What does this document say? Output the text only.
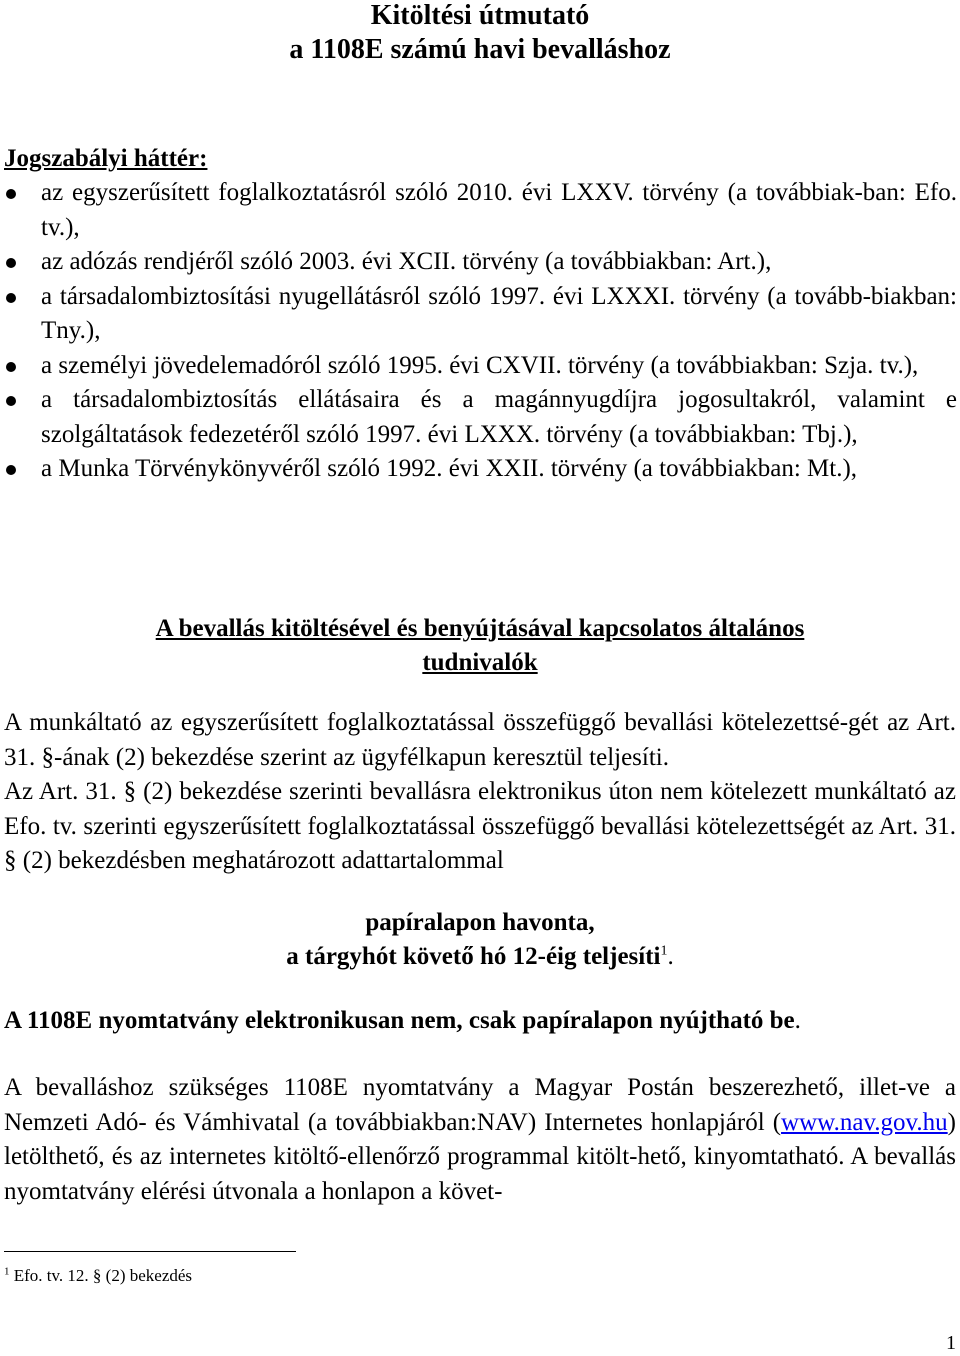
Kitöltési útmutató
a 1108E számú havi bevalláshoz
Jogszabályi háttér:
az egyszerűsített foglalkoztatásról szóló 2010. évi LXXV. törvény (a továbbiak-ban: Efo. tv.),
az adózás rendjéről szóló 2003. évi XCII. törvény (a továbbiakban: Art.),
a társadalombiztosítási nyugellátásról szóló 1997. évi LXXXI. törvény (a tovább-biakban: Tny.),
a személyi jövedelemadóról szóló 1995. évi CXVII. törvény (a továbbiakban: Szja. tv.),
a társadalombiztosítás ellátásaira és a magánnyugdíjra jogosultakról, valamint e szolgáltatások fedezetéről szóló 1997. évi LXXX. törvény (a továbbiakban: Tbj.),
a Munka Törvénykönyvéről szóló 1992. évi XXII. törvény (a továbbiakban: Mt.),
A bevallás kitöltésével és benyújtásával kapcsolatos általános
tudnivalók
A munkáltató az egyszerűsített foglalkoztatással összefüggő bevallási kötelezettsé-gét az Art. 31. §-ának (2) bekezdése szerint az ügyfélkapun keresztül teljesíti.
Az Art. 31. § (2) bekezdése szerinti bevallásra elektronikus úton nem kötelezett munkáltató az Efo. tv. szerinti egyszerűsített foglalkoztatással összefüggő bevallási kötelezettségét az Art. 31. § (2) bekezdésben meghatározott adattartalommal
papíralapon havonta,
a tárgyhót követő hó 12-éig teljesíti$^1$.
A 1108E nyomtatvány elektronikusan nem, csak papíralapon nyújtható be.
A bevalláshoz szükséges 1108E nyomtatvány a Magyar Postán beszerezhető, illet-ve a Nemzeti Adó- és Vámhivatal (a továbbiakban:NAV) Internetes honlapjáról (www.nav.gov.hu) letölthető, és az internetes kitöltő-ellenőrző programmal kitölt-hető, kinyomtatható. A bevallás nyomtatvány elérési útvonala a honlapon a követ-
$^1$ Efo. tv. 12. § (2) bekezdés
1
